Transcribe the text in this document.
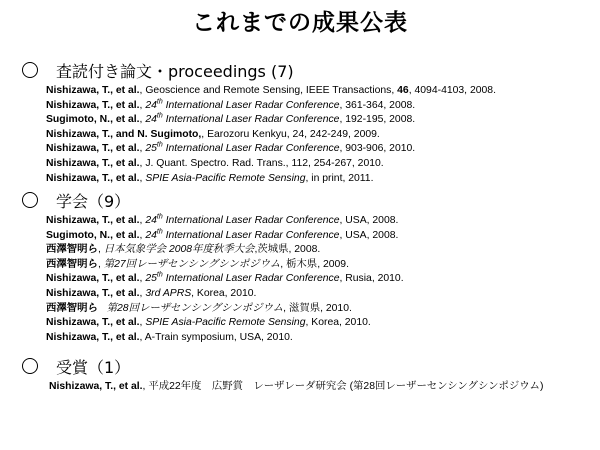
これまでの成果公表
査読付き論文・proceedings (7)
Nishizawa, T., et al., Geoscience and Remote Sensing, IEEE Transactions, 46, 4094-4103, 2008.
Nishizawa, T., et al., 24th International Laser Radar Conference, 361-364, 2008.
Sugimoto, N., et al., 24th International Laser Radar Conference, 192-195, 2008.
Nishizawa, T., and N. Sugimoto,, Earozoru Kenkyu, 24, 242-249, 2009.
Nishizawa, T., et al., 25th International Laser Radar Conference, 903-906, 2010.
Nishizawa, T., et al., J. Quant. Spectro. Rad. Trans., 112, 254-267, 2010.
Nishizawa, T., et al., SPIE Asia-Pacific Remote Sensing, in print, 2011.
学会（9）
Nishizawa, T., et al., 24th International Laser Radar Conference, USA, 2008.
Sugimoto, N., et al., 24th International Laser Radar Conference, USA, 2008.
西澤智明ら, 日本気象学会 2008年度秋季大会,茨城県, 2008.
西澤智明ら, 第27回レーザセンシングシンポジウム, 栃木県, 2009.
Nishizawa, T., et al., 25th International Laser Radar Conference, Rusia, 2010.
Nishizawa, T., et al., 3rd APRS, Korea, 2010.
西澤智明ら 第28回レーザセンシングシンポジウム, 滋賀県, 2010.
Nishizawa, T., et al., SPIE Asia-Pacific Remote Sensing, Korea, 2010.
Nishizawa, T., et al., A-Train symposium, USA, 2010.
受賞（1）
Nishizawa, T., et al., 平成22年度　広野賞　レーザレーダ研究会 (第28回レーザーセンシングシンポジウム)
